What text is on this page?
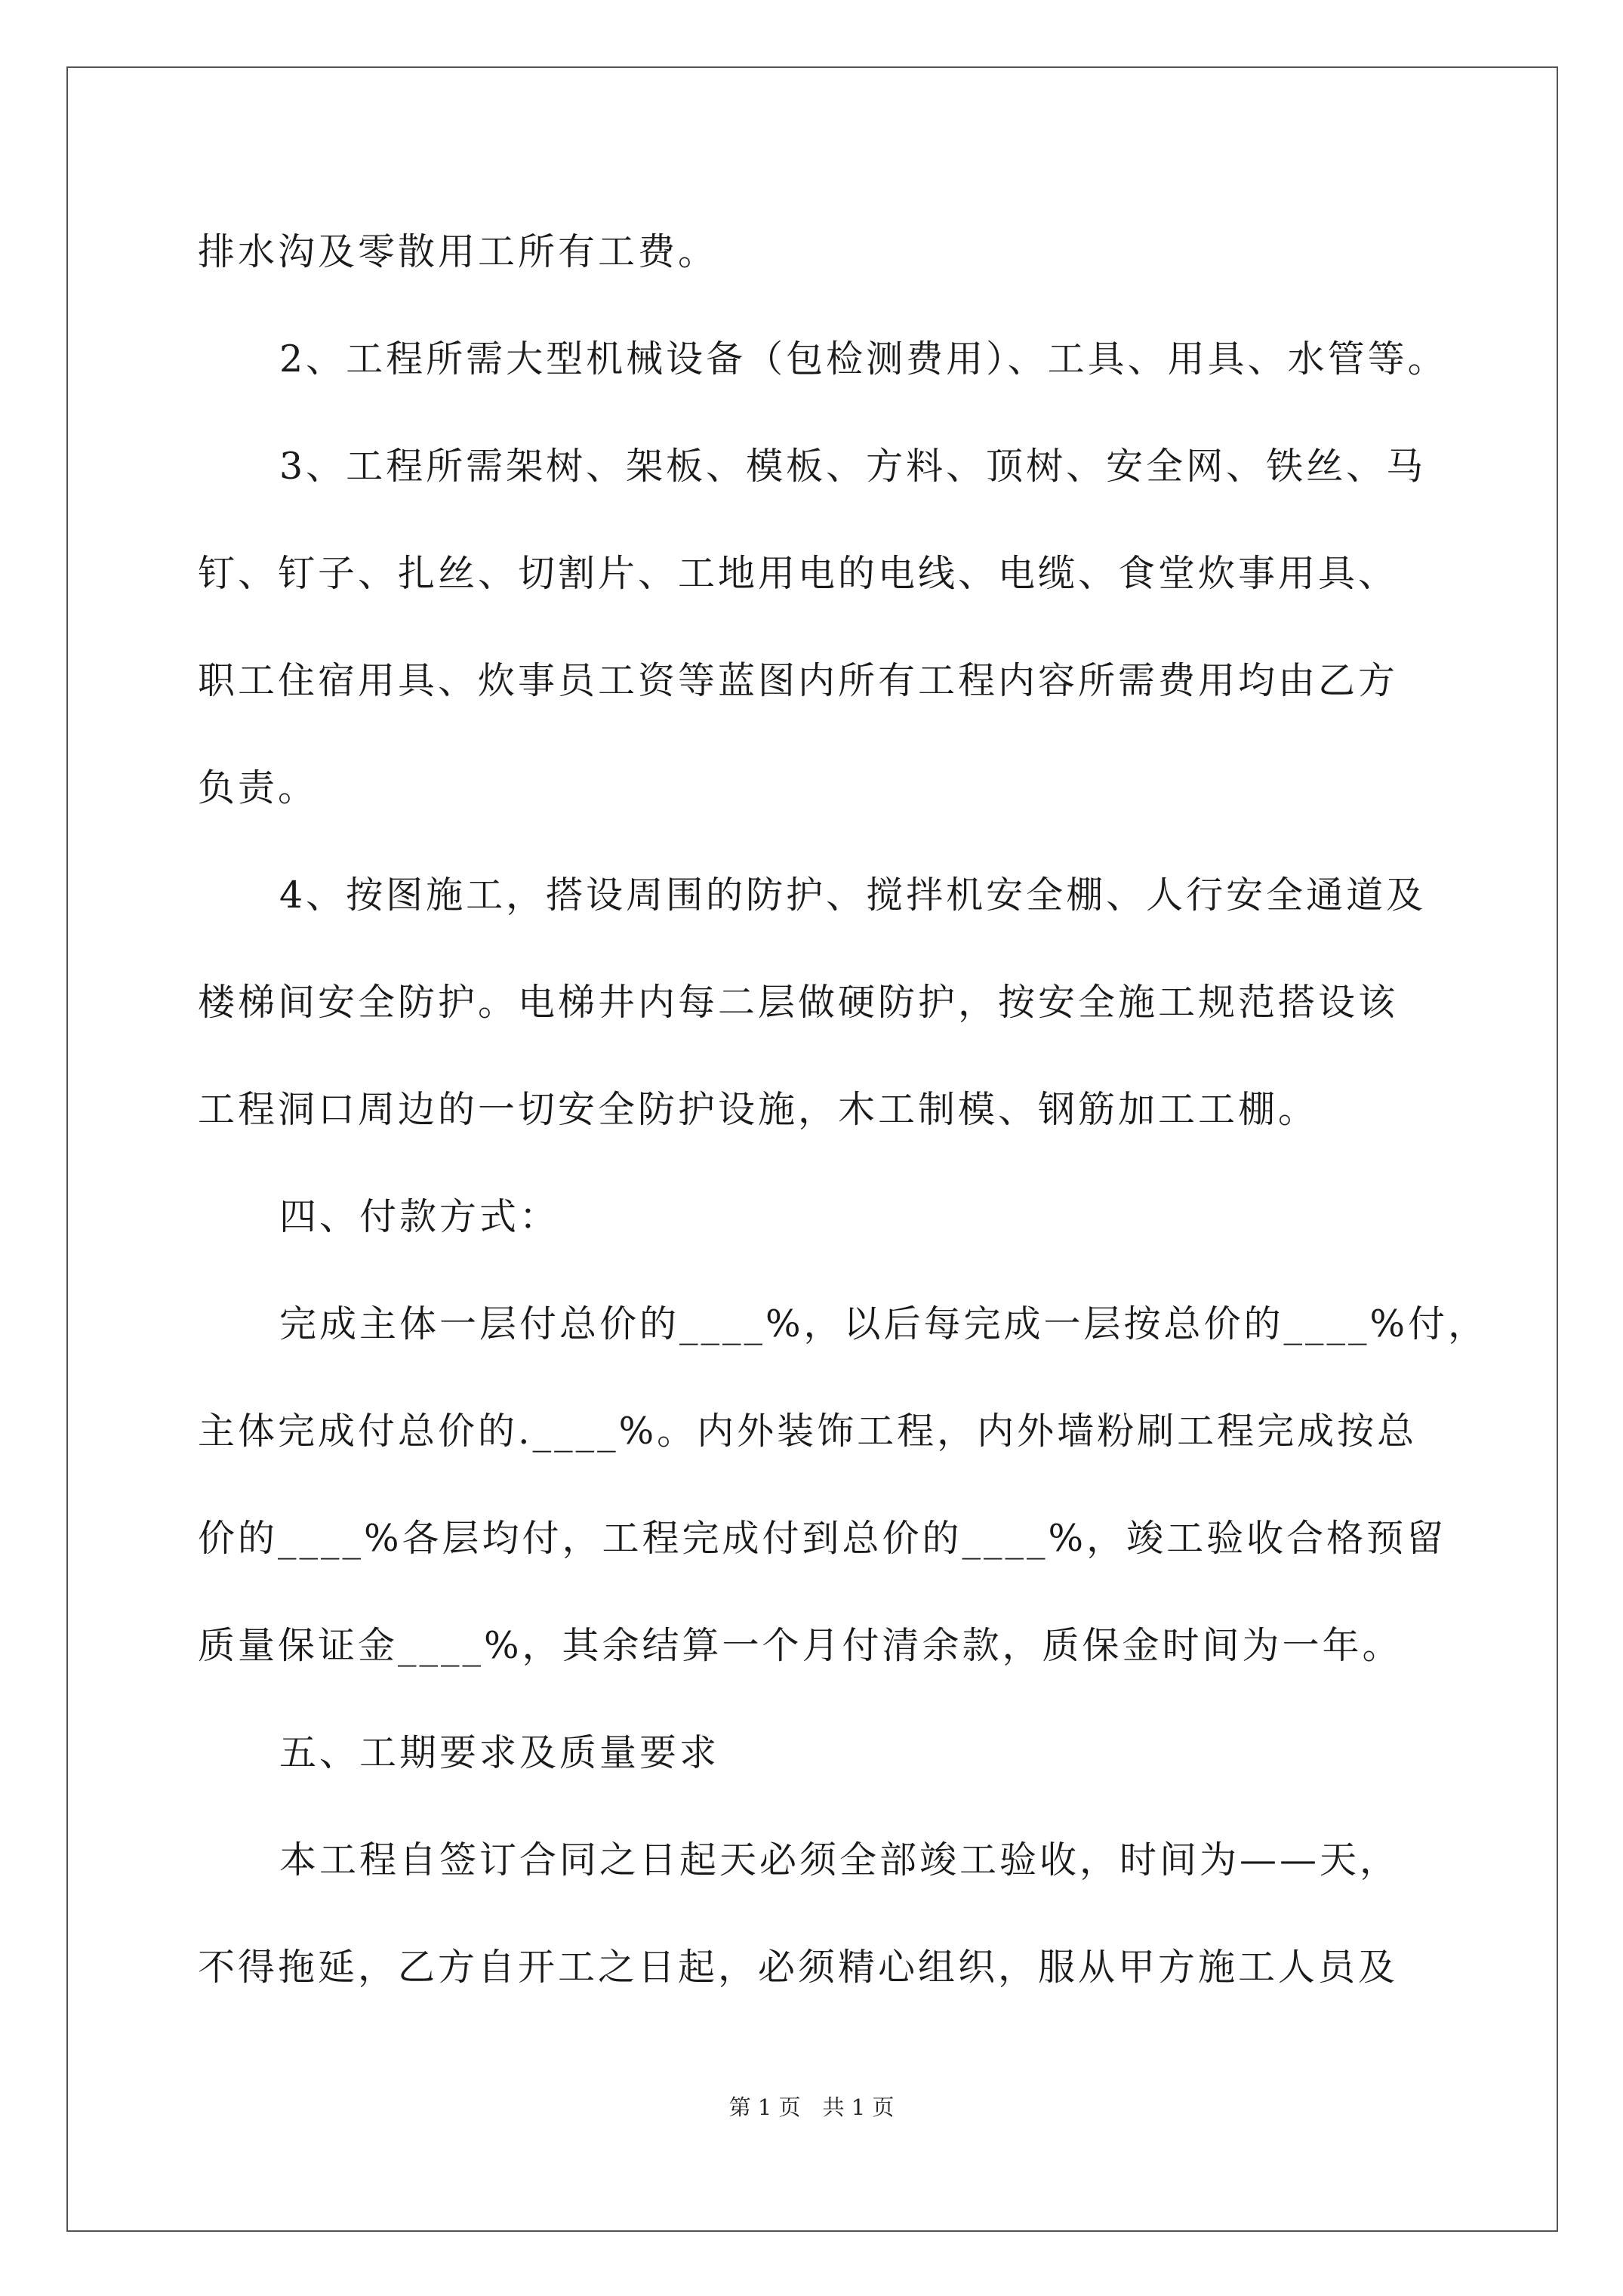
排水沟及零散用工所有工费。
2、工程所需大型机械设备（包检测费用）、工具、用具、水管等。
3、工程所需架树、架板、模板、方料、顶树、安全网、铁丝、马
钉、钉子、扎丝、切割片、工地用电的电线、电缆、食堂炊事用具、
职工住宿用具、炊事员工资等蓝图内所有工程内容所需费用均由乙方
负责。
4、按图施工，搭设周围的防护、搅拌机安全棚、人行安全通道及
楼梯间安全防护。电梯井内每二层做硬防护，按安全施工规范搭设该
工程洞口周边的一切安全防护设施，木工制模、钢筋加工工棚。
四、付款方式：
完成主体一层付总价的____%，以后每完成一层按总价的____%付，
主体完成付总价的.____%。内外装饰工程，内外墙粉刷工程完成按总
价的____%各层均付，工程完成付到总价的____%，竣工验收合格预留
质量保证金____%，其余结算一个月付清余款，质保金时间为一年。
五、工期要求及质量要求
本工程自签订合同之日起天必须全部竣工验收，时间为——天，
不得拖延，乙方自开工之日起，必须精心组织，服从甲方施工人员及
第 1 页　共 1 页
